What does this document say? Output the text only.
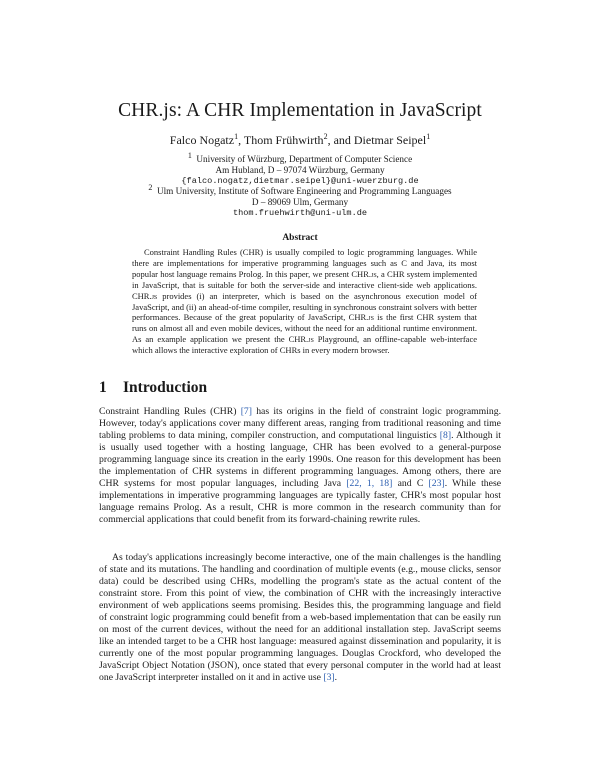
CHR.js: A CHR Implementation in JavaScript
Falco Nogatz$^1$, Thom Frühwirth$^2$, and Dietmar Seipel$^1$
1 University of Würzburg, Department of Computer Science
Am Hubland, D – 97074 Würzburg, Germany
{falco.nogatz,dietmar.seipel}@uni-wuerzburg.de
2 Ulm University, Institute of Software Engineering and Programming Languages
D – 89069 Ulm, Germany
thom.fruehwirth@uni-ulm.de
Abstract
Constraint Handling Rules (CHR) is usually compiled to logic programming languages. While there are implementations for imperative programming languages such as C and Java, its most popular host language remains Prolog. In this paper, we present CHR.js, a CHR system implemented in JavaScript, that is suitable for both the server-side and interactive client-side web applications. CHR.js provides (i) an interpreter, which is based on the asynchronous execution model of JavaScript, and (ii) an ahead-of-time compiler, resulting in synchronous constraint solvers with better performances. Because of the great popularity of JavaScript, CHR.js is the first CHR system that runs on almost all and even mobile devices, without the need for an additional runtime environment. As an example application we present the CHR.js Playground, an offline-capable web-interface which allows the interactive exploration of CHRs in every modern browser.
1 Introduction
Constraint Handling Rules (CHR) [7] has its origins in the field of constraint logic programming. However, today's applications cover many different areas, ranging from traditional reasoning and time tabling problems to data mining, compiler construction, and computational linguistics [8]. Although it is usually used together with a hosting language, CHR has been evolved to a general-purpose programming language since its creation in the early 1990s. One reason for this development has been the implementation of CHR systems in different programming languages. Among others, there are CHR systems for most popular languages, including Java [22, 1, 18] and C [23]. While these implementations in imperative programming languages are typically faster, CHR's most popular host language remains Prolog. As a result, CHR is more common in the research community than for commercial applications that could benefit from its forward-chaining rewrite rules.
As today's applications increasingly become interactive, one of the main challenges is the handling of state and its mutations. The handling and coordination of multiple events (e.g., mouse clicks, sensor data) could be described using CHRs, modelling the program's state as the actual content of the constraint store. From this point of view, the combination of CHR with the increasingly interactive environment of web applications seems promising. Besides this, the programming language and field of constraint logic programming could benefit from a web-based implementation that can be easily run on most of the current devices, without the need for an additional installation step. JavaScript seems like an intended target to be a CHR host language: measured against dissemination and popularity, it is currently one of the most popular programming languages. Douglas Crockford, who developed the JavaScript Object Notation (JSON), once stated that every personal computer in the world had at least one JavaScript interpreter installed on it and in active use [3].
